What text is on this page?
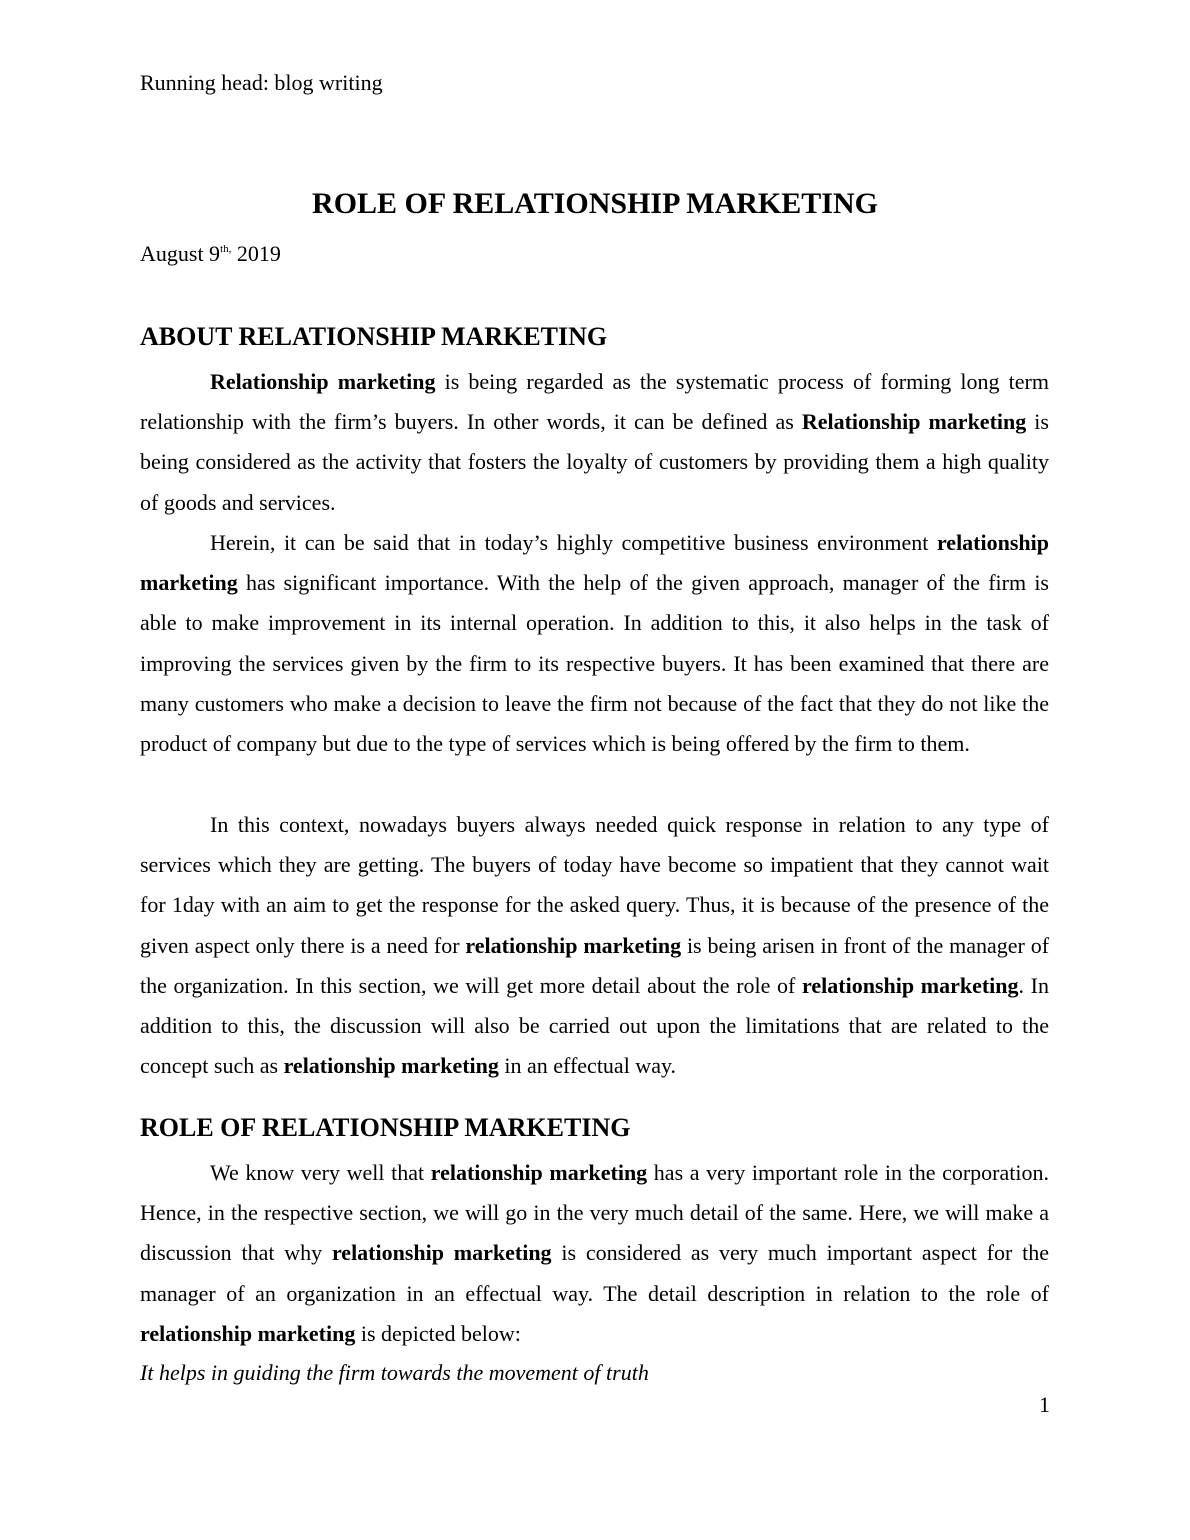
Running head: blog writing
ROLE OF RELATIONSHIP MARKETING
August $9^{th,}$ 2019
ABOUT RELATIONSHIP MARKETING

Relationship marketing is being regarded as the systematic process of forming long term relationship with the firm’s buyers. In other words, it can be defined as Relationship marketing is being considered as the activity that fosters the loyalty of customers by providing them a high quality of goods and services.

Herein, it can be said that in today’s highly competitive business environment relationship marketing has significant importance. With the help of the given approach, manager of the firm is able to make improvement in its internal operation. In addition to this, it also helps in the task of improving the services given by the firm to its respective buyers. It has been examined that there are many customers who make a decision to leave the firm not because of the fact that they do not like the product of company but due to the type of services which is being offered by the firm to them.

In this context, nowadays buyers always needed quick response in relation to any type of services which they are getting. The buyers of today have become so impatient that they cannot wait for 1day with an aim to get the response for the asked query. Thus, it is because of the presence of the given aspect only there is a need for relationship marketing is being arisen in front of the manager of the organization. In this section, we will get more detail about the role of relationship marketing. In addition to this, the discussion will also be carried out upon the limitations that are related to the concept such as relationship marketing in an effectual way.

ROLE OF RELATIONSHIP MARKETING

We know very well that relationship marketing has a very important role in the corporation. Hence, in the respective section, we will go in the very much detail of the same. Here, we will make a discussion that why relationship marketing is considered as very much important aspect for the manager of an organization in an effectual way. The detail description in relation to the role of relationship marketing is depicted below:

It helps in guiding the firm towards the movement of truth
1
